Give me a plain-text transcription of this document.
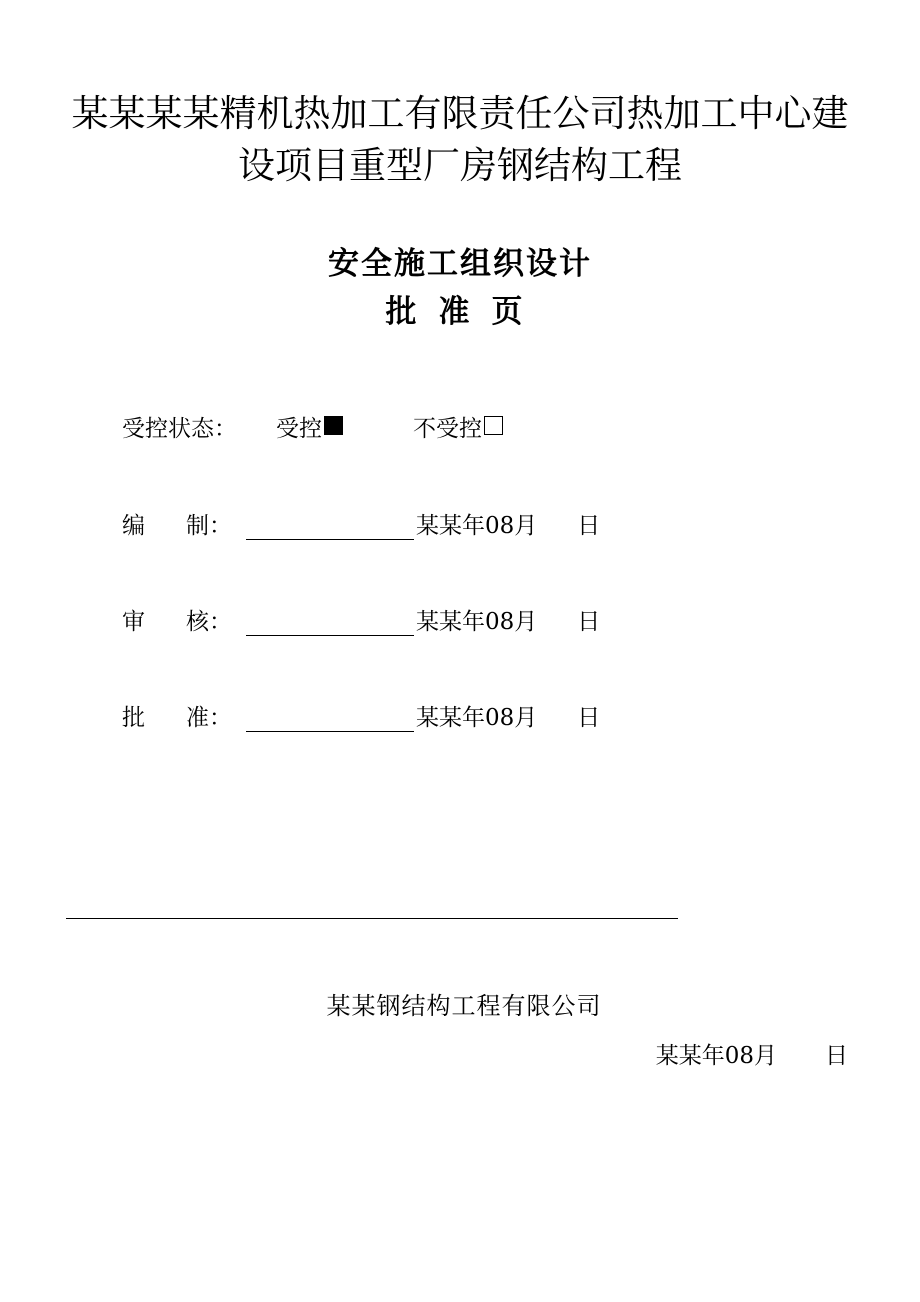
某某某某精机热加工有限责任公司热加工中心建
设项目重型厂房钢结构工程
安全施工组织设计
批准页
受控状态：	受控	不受控
编 制：	某某年08月 日
审 核：	某某年08月 日
批 准：	某某年08月 日
某某钢结构工程有限公司
某某年08月 日
